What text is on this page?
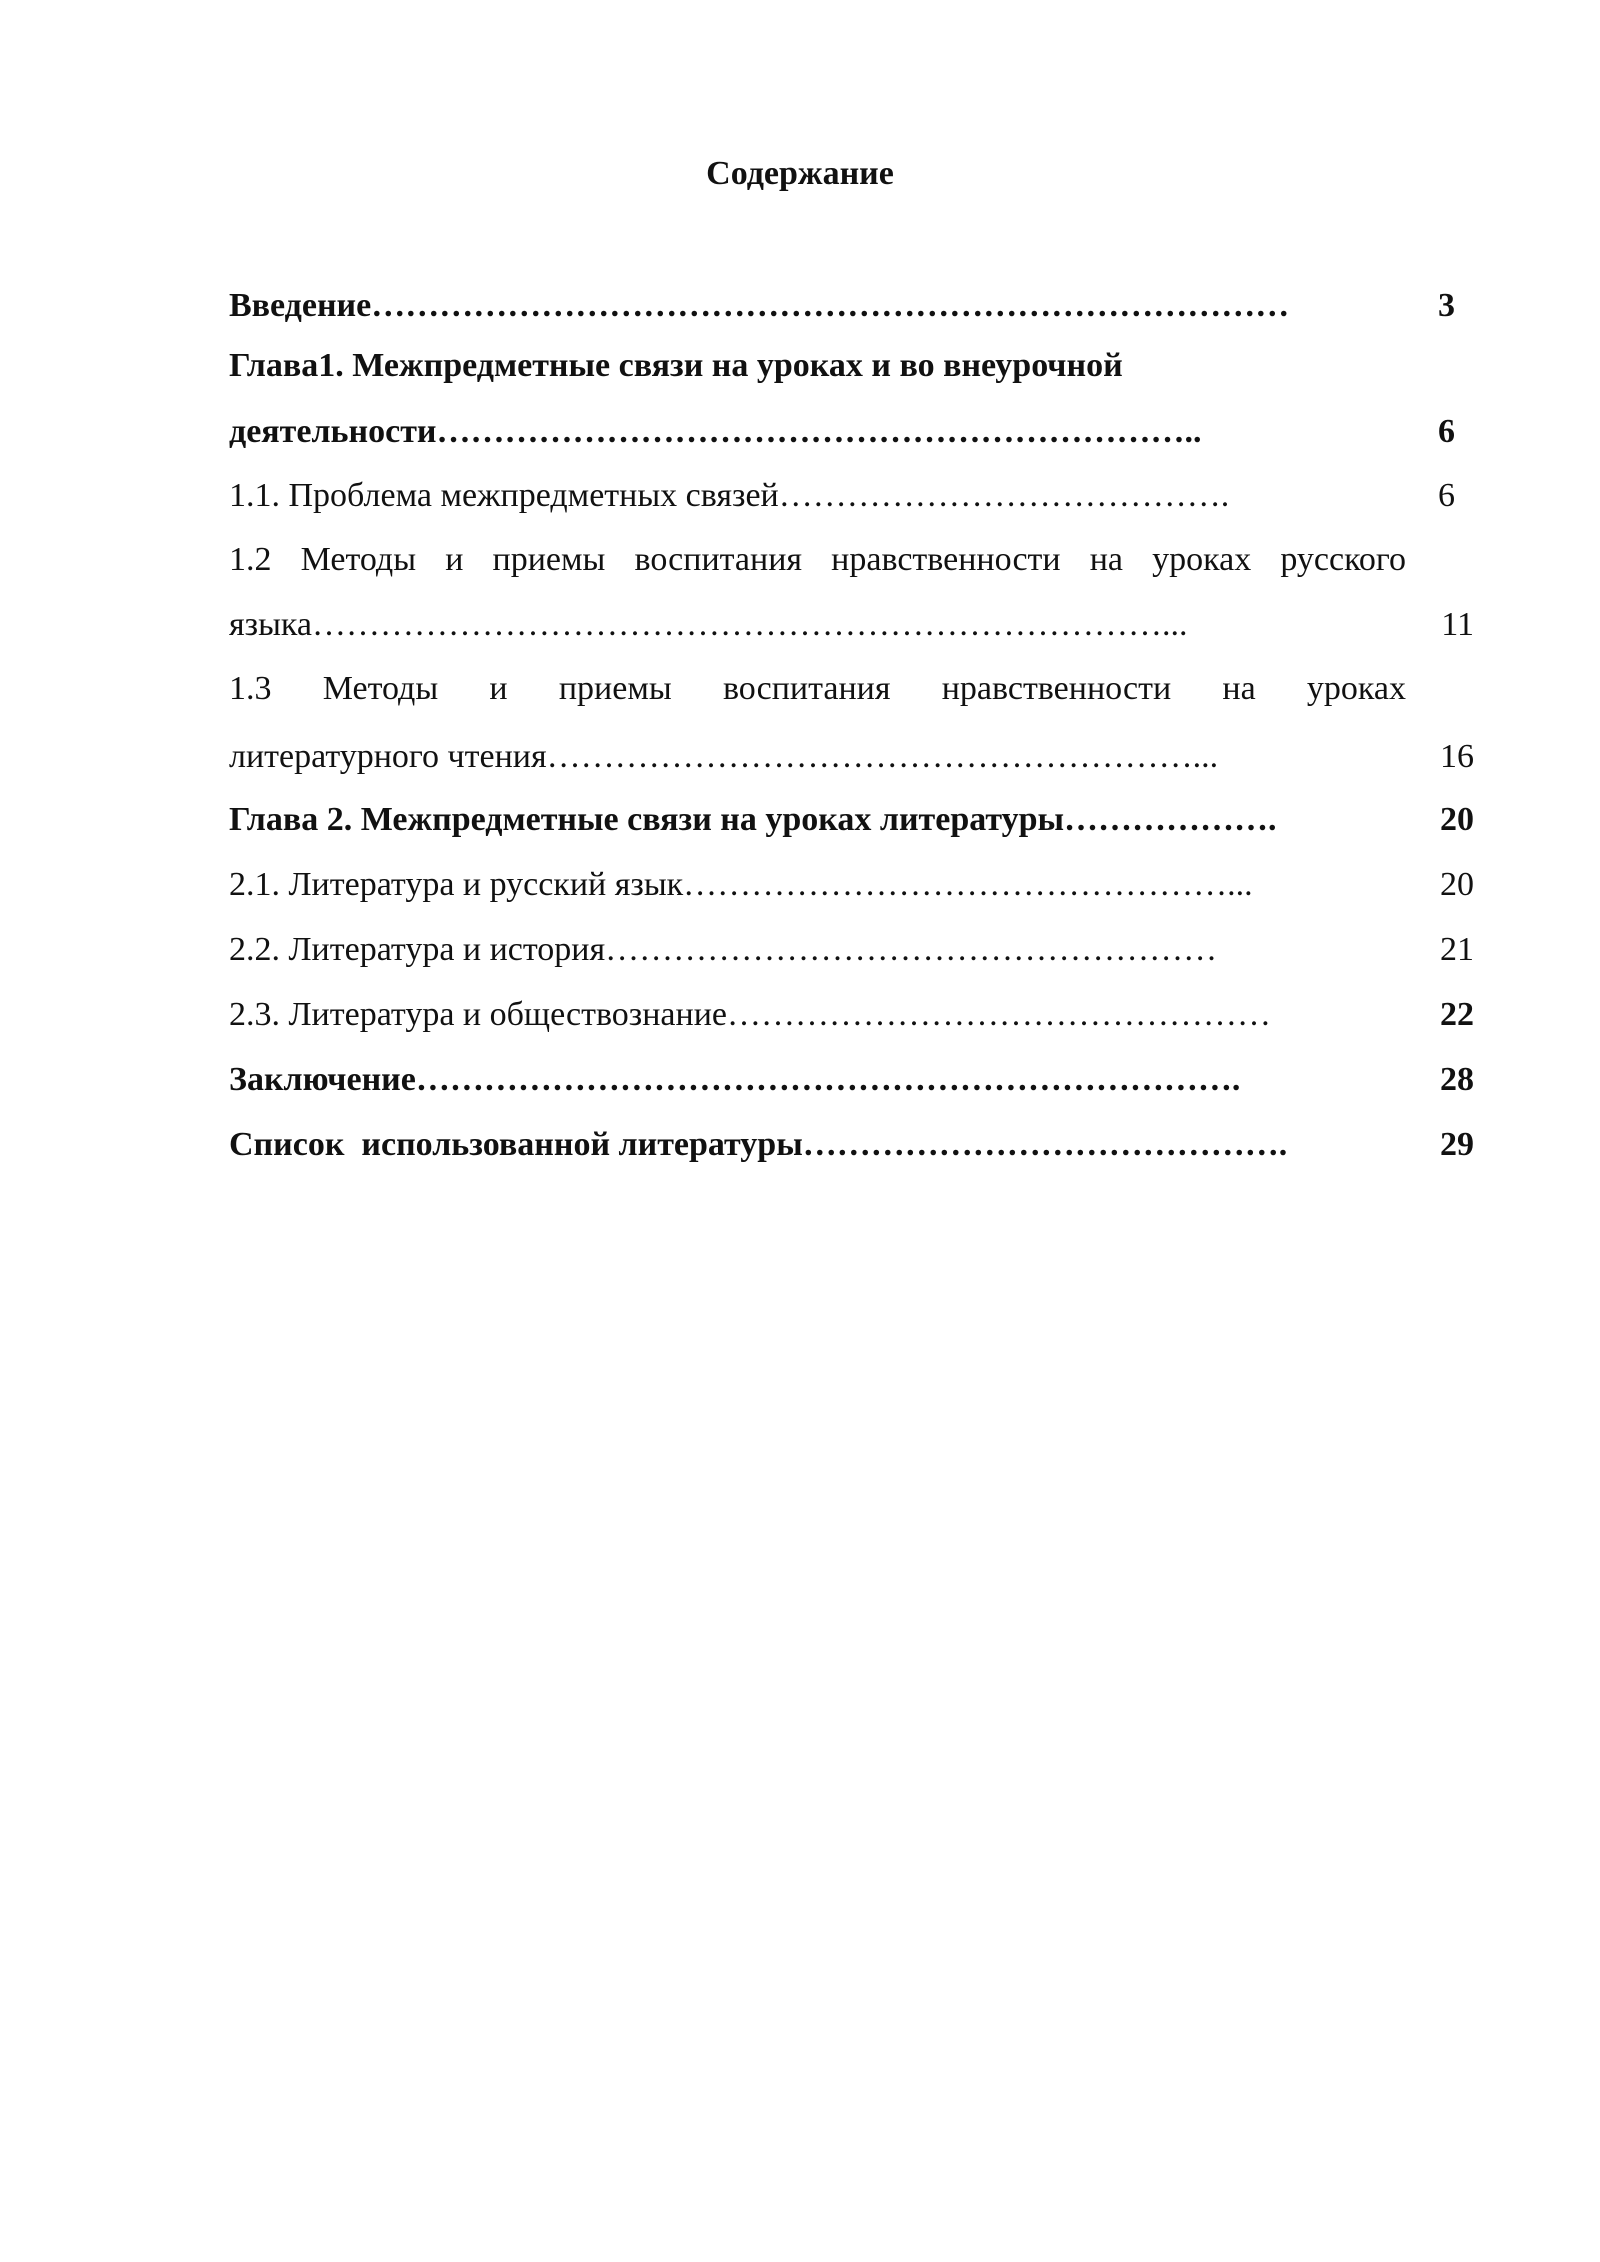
Содержание

Введение………………………………………………………………………	3

Глава1. Межпредметные связи на уроках и во внеурочной

деятельности…………………………………………………………..	6

1.1. Проблема межпредметных связей………………………………….	6

1.2 Методы и приемы воспитания нравственности на уроках русского

языка…………………………………………………………………...	11

1.3 Методы и приемы воспитания нравственности на уроках

литературного чтения…………………………………………………...	16

Глава 2. Межпредметные связи на уроках литературы……………….	20

2.1. Литература и русский язык…………………………………………...	20

2.2. Литература и история………………………………………………	21

2.3. Литература и обществознание…………………………………………	22

Заключение……………………………………………………………….	28

Список  использованной литературы…………………………………….	29
